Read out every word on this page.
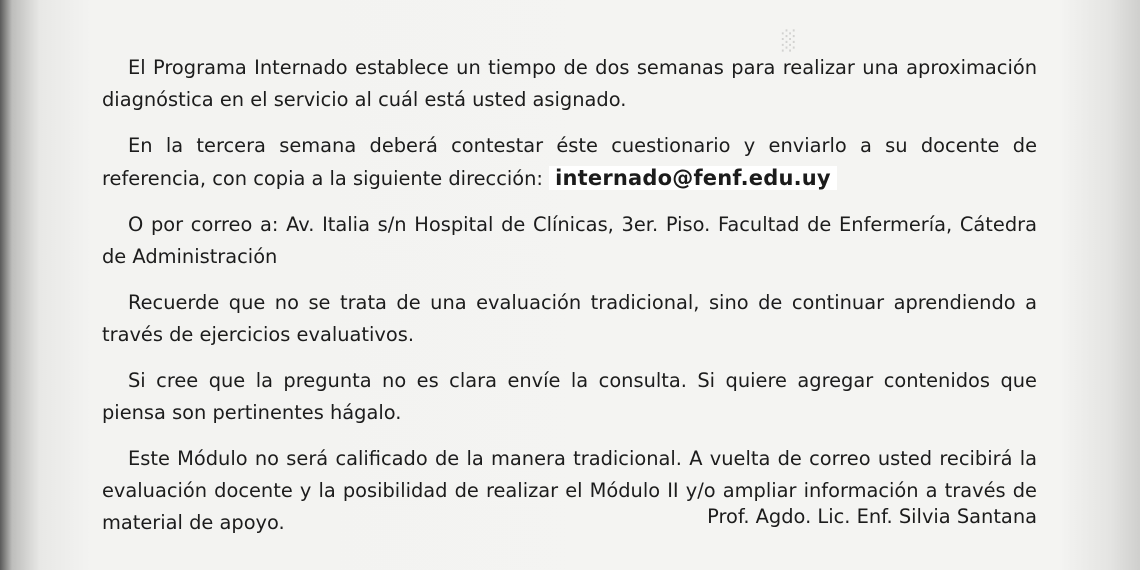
░

El Programa Internado establece un tiempo de dos semanas para realizar una aproximación diagnóstica en el servicio al cuál está usted asignado.

En la tercera semana deberá contestar éste cuestionario y enviarlo a su docente de referencia, con copia a la siguiente dirección: internado@fenf.edu.uy

O por correo a: Av. Italia s/n Hospital de Clínicas, 3er. Piso. Facultad de Enfermería, Cátedra de Administración

Recuerde que no se trata de una evaluación tradicional, sino de continuar aprendiendo a través de ejercicios evaluativos.

Si cree que la pregunta no es clara envíe la consulta. Si quiere agregar contenidos que piensa son pertinentes hágalo.

Este Módulo no será calificado de la manera tradicional. A vuelta de correo usted recibirá la evaluación docente y la posibilidad de realizar el Módulo II y/o ampliar información a través de material de apoyo.	Prof. Agdo. Lic. Enf. Silvia Santana
